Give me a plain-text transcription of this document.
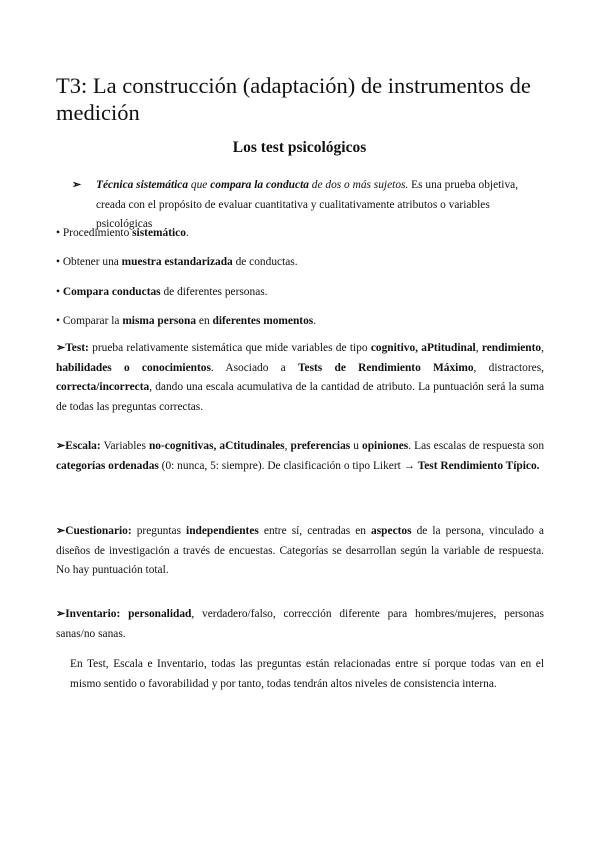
T3: La construcción (adaptación) de instrumentos de medición
Los test psicológicos
➢	Técnica sistemática que compara la conducta de dos o más sujetos. Es una prueba objetiva, creada con el propósito de evaluar cuantitativa y cualitativamente atributos o variables psicológicas
• Procedimiento sistemático.
• Obtener una muestra estandarizada de conductas.
• Compara conductas de diferentes personas.
• Comparar la misma persona en diferentes momentos.
➢Test: prueba relativamente sistemática que mide variables de tipo cognitivo, aPtitudinal, rendimiento, habilidades o conocimientos. Asociado a Tests de Rendimiento Máximo, distractores, correcta/incorrecta, dando una escala acumulativa de la cantidad de atributo. La puntuación será la suma de todas las preguntas correctas.
➢Escala: Variables no-cognitivas, aCtitudinales, preferencias u opiniones. Las escalas de respuesta son categorías ordenadas (0: nunca, 5: siempre). De clasificación o tipo Likert → Test Rendimiento Típico.
➢Cuestionario: preguntas independientes entre sí, centradas en aspectos de la persona, vinculado a diseños de investigación a través de encuestas. Categorías se desarrollan según la variable de respuesta. No hay puntuación total.
➢Inventario: personalidad, verdadero/falso, corrección diferente para hombres/mujeres, personas sanas/no sanas.
En Test, Escala e Inventario, todas las preguntas están relacionadas entre sí porque todas van en el mismo sentido o favorabilidad y por tanto, todas tendrán altos niveles de consistencia interna.
